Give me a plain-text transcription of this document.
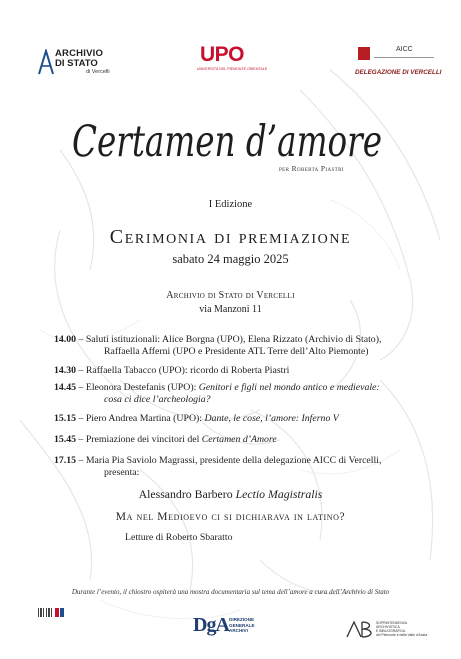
ARCHIVIO
DI STATO
di Vercelli
UPO
UNIVERSITÀ DEL PIEMONTE ORIENTALE
AICC
DELEGAZIONE DI VERCELLI
Certamen d’amore
per Roberta Piastri
I Edizione
Cerimonia di premiazione
sabato 24 maggio 2025
Archivio di Stato di Vercelli
via Manzoni 11
14.00 – Saluti istituzionali: Alice Borgna (UPO), Elena Rizzato (Archivio di Stato),
Raffaella Afferni (UPO e Presidente ATL Terre dell’Alto Piemonte)
14.30 – Raffaella Tabacco (UPO): ricordo di Roberta Piastri
14.45 – Eleonora Destefanis (UPO): Genitori e figli nel mondo antico e medievale:
cosa ci dice l’archeologia?
15.15 – Piero Andrea Martina (UPO): Dante, le cose, l’amore: Inferno V
15.45 – Premiazione dei vincitori del Certamen d’Amore
17.15 – Maria Pia Saviolo Magrassi, presidente della delegazione AICC di Vercelli,
presenta:
Alessandro Barbero Lectio Magistralis
Ma nel Medioevo ci si dichiarava in latino?
Letture di Roberto Sbaratto
Durante l’evento, il chiostro ospiterà una mostra documentaria sul tema dell’amore a cura dell’Archivio di Stato
DgA DIREZIONE
GENERALE
ARCHIVI
SOPRINTENDENZA
ARCHIVISTICA
E BIBLIOGRAFICA
del Piemonte e della Valle d’Aosta
